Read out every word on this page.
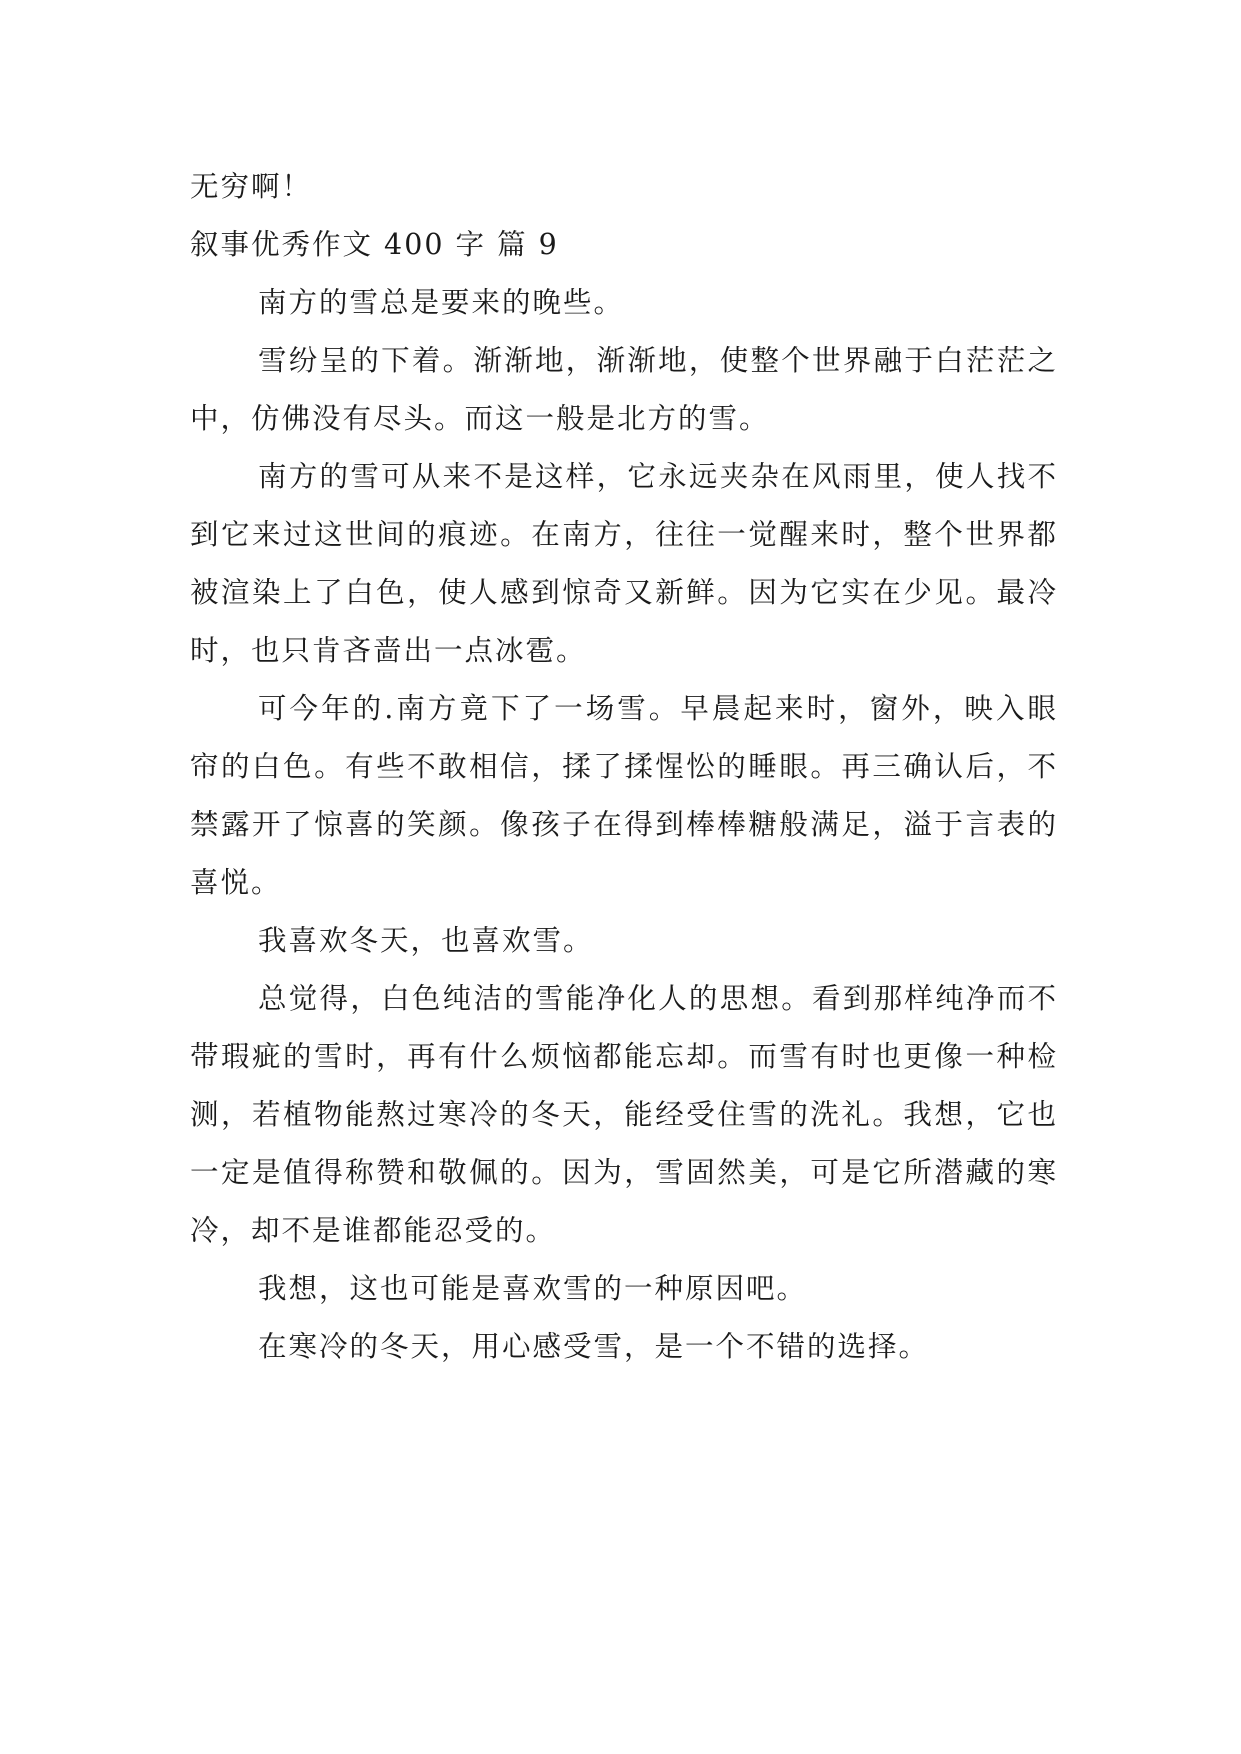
无穷啊！

叙事优秀作文 400 字 篇 9

南方的雪总是要来的晚些。

雪纷呈的下着。渐渐地，渐渐地，使整个世界融于白茫茫之中，仿佛没有尽头。而这一般是北方的雪。

南方的雪可从来不是这样，它永远夹杂在风雨里，使人找不到它来过这世间的痕迹。在南方，往往一觉醒来时，整个世界都被渲染上了白色，使人感到惊奇又新鲜。因为它实在少见。最冷时，也只肯吝啬出一点冰雹。

可今年的.南方竟下了一场雪。早晨起来时，窗外，映入眼帘的白色。有些不敢相信，揉了揉惺忪的睡眼。再三确认后，不禁露开了惊喜的笑颜。像孩子在得到棒棒糖般满足，溢于言表的喜悦。

我喜欢冬天，也喜欢雪。

总觉得，白色纯洁的雪能净化人的思想。看到那样纯净而不带瑕疵的雪时，再有什么烦恼都能忘却。而雪有时也更像一种检测，若植物能熬过寒冷的冬天，能经受住雪的洗礼。我想，它也一定是值得称赞和敬佩的。因为，雪固然美，可是它所潜藏的寒冷，却不是谁都能忍受的。

我想，这也可能是喜欢雪的一种原因吧。

在寒冷的冬天，用心感受雪，是一个不错的选择。
